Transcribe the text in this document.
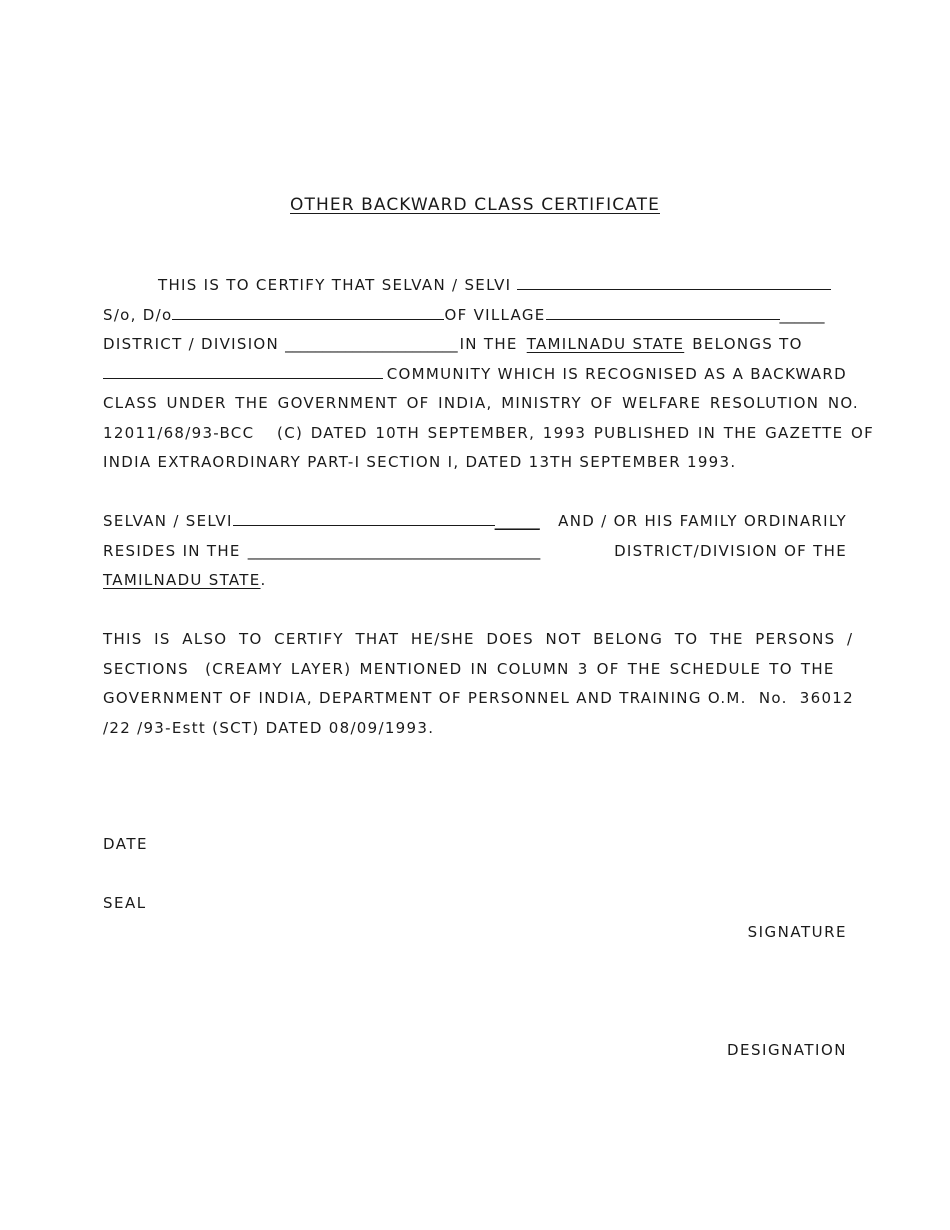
OTHER BACKWARD CLASS CERTIFICATE
THIS IS TO CERTIFY THAT SELVAN / SELVI
S/o, D/o	OF VILLAGE	______
DISTRICT / DIVISION _______________________ IN THE TAMILNADU STATE BELONGS TO
COMMUNITY WHICH IS RECOGNISED AS A BACKWARD
CLASS UNDER THE GOVERNMENT OF INDIA, MINISTRY OF WELFARE RESOLUTION NO.
12011/68/93-BCC   (C) DATED 10TH SEPTEMBER, 1993 PUBLISHED IN THE GAZETTE OF
INDIA EXTRAORDINARY PART-I SECTION I, DATED 13TH SEPTEMBER 1993.
SELVAN / SELVI	______ AND / OR HIS FAMILY ORDINARILY
RESIDES IN THE _______________________________________	DISTRICT/DIVISION OF THE
TAMILNADU STATE .
THIS IS ALSO TO CERTIFY THAT HE/SHE DOES NOT BELONG TO THE PERSONS /
SECTIONS  (CREAMY LAYER) MENTIONED IN COLUMN 3 OF THE SCHEDULE TO THE
GOVERNMENT OF INDIA, DEPARTMENT OF PERSONNEL AND TRAINING O.M.  No.  36012
/22 /93-Estt (SCT) DATED 08/09/1993.
DATE
SEAL
SIGNATURE
DESIGNATION
